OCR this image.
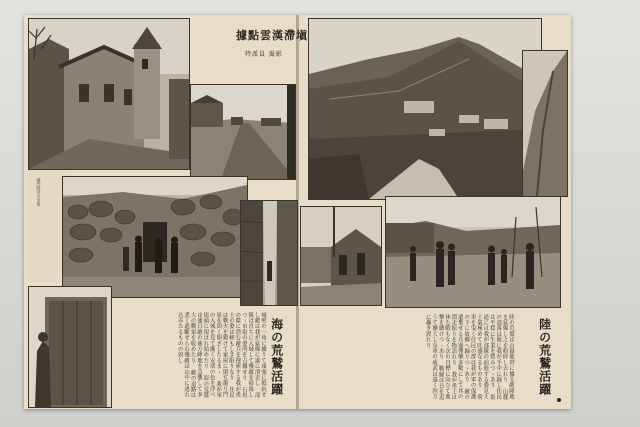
據點雲漢滯塡
特派員 撮影
城門附近の市街
城壁の一角に據りて頑強に抵抗せし敵は我が猛爆に遂に潰走し 部隊は直ちに入城して殘敵を掃蕩しつゝ市街の要所を占據せり 石垣の陰に潜む敵兵を搜索する我が勇士の姿は頼もしき限りなり 住民は戰火を避けて家屋に閉ぢ籠り門扉を固く閉ざしたるまゝ 我が軍の入城を見て漸く安堵の色を浮べ街頭に現はれ始めたり 海の荒鷲は連日敵の後方陣地を急襲して多大の戰果を收めたり 敵の退路は悉く遮斷せられ殘敵は山中に逃れ込みたるものの如し	海の荒鷲活躍	陸の荒鷲は山嶽地帯に據る敵陣地を猛爆し之を粉碎し去れり 山麓の部落は既に我が手中に歸し住民は平穏に生業を營みつゝあり 街道には我が部隊の前進する姿見え士氣極めて旺盛なるものあり 荷車を曳く住民の群は我が軍の保護の下に故郷へ歸りつゝあり 敵の遺棄せる兵器彈藥多數にして其の潰走振りを物語れり 我が勇士は休む暇もなく次の目標に向ひて進撃を續けつゝあり 戰線は日を追うて擴大し皇軍の威武は遠く四方に轟き渡れり	陸の荒鷲活躍
